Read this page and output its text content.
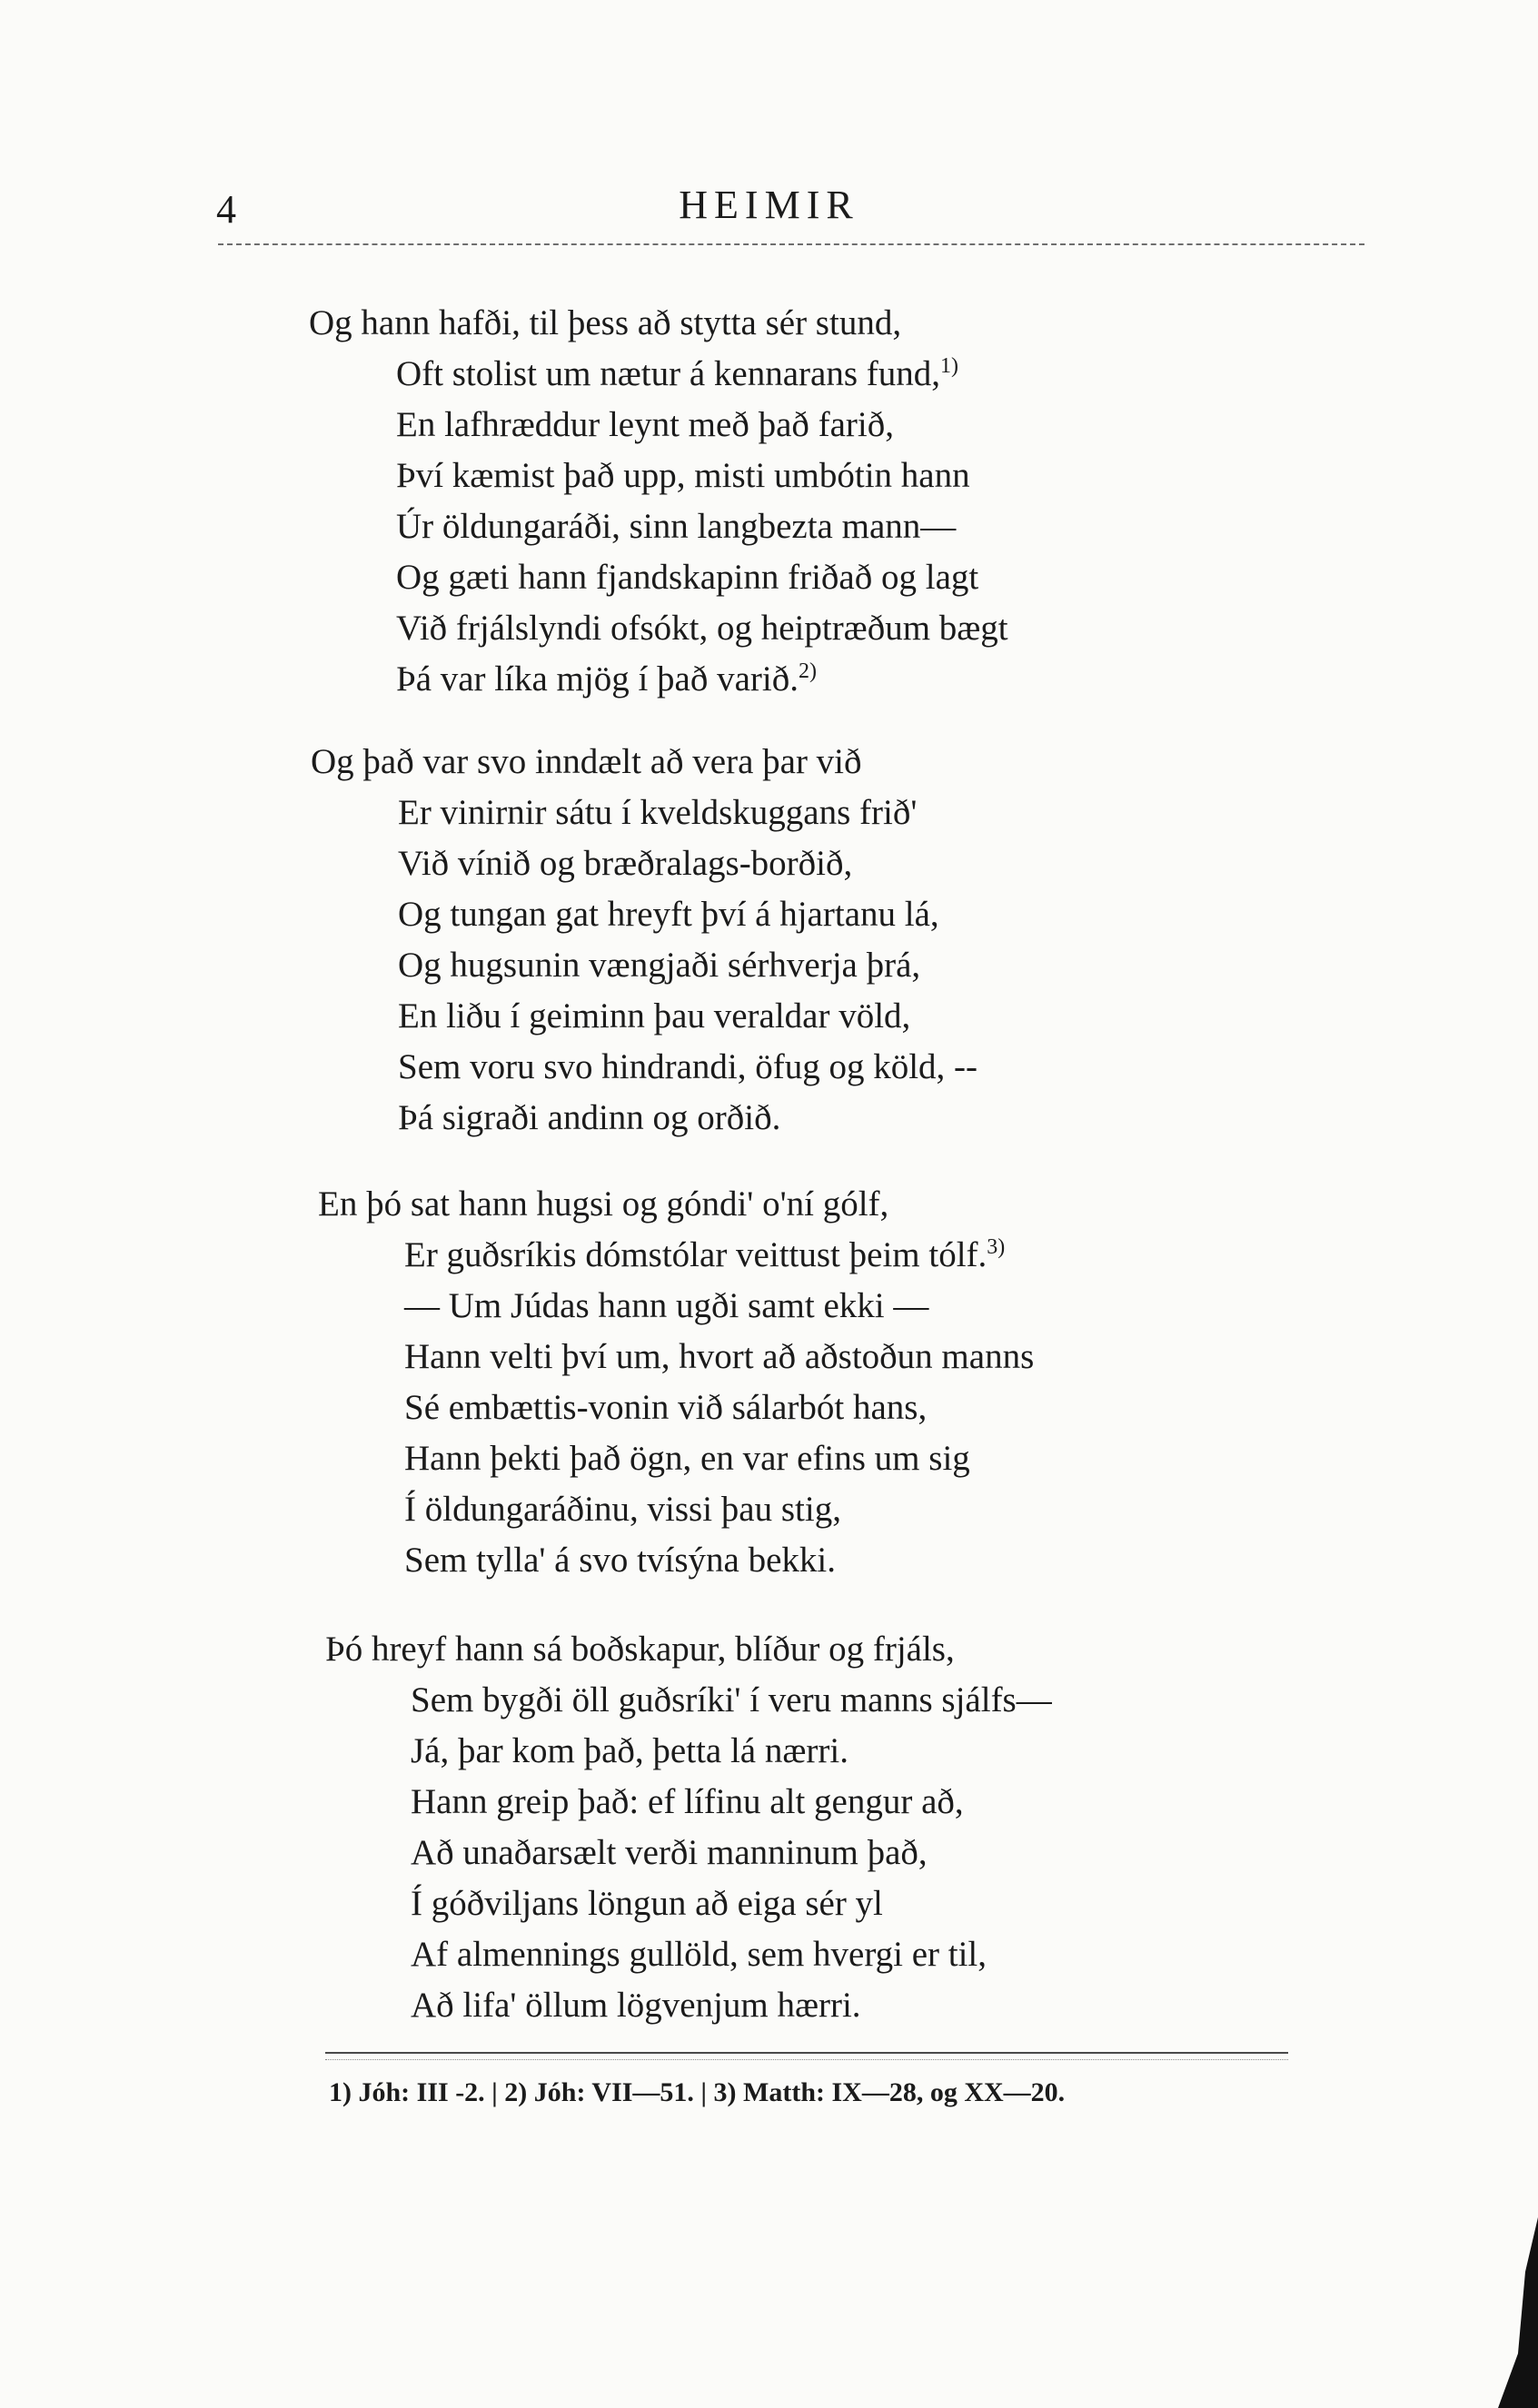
4	HEIMIR
Og hann hafði, til þess að stytta sér stund,
Oft stolist um nætur á kennarans fund,$^{1)}$
En lafhræddur leynt með það farið,
Því kæmist það upp, misti umbótin hann
Úr öldungaráði, sinn langbezta mann—
Og gæti hann fjandskapinn friðað og lagt
Við frjálslyndi ofsókt, og heiptræðum bægt
Þá var líka mjög í það varið.$^{2)}$
Og það var svo inndælt að vera þar við
Er vinirnir sátu í kveldskuggans frið'
Við vínið og bræðralags-borðið,
Og tungan gat hreyft því á hjartanu lá,
Og hugsunin vængjaði sérhverja þrá,
En liðu í geiminn þau veraldar völd,
Sem voru svo hindrandi, öfug og köld, --
Þá sigraði andinn og orðið.
En þó sat hann hugsi og góndi' o'ní gólf,
Er guðsríkis dómstólar veittust þeim tólf.$^{3)}$
— Um Júdas hann ugði samt ekki —
Hann velti því um, hvort að aðstoðun manns
Sé embættis-vonin við sálarbót hans,
Hann þekti það ögn, en var efins um sig
Í öldungaráðinu, vissi þau stig,
Sem tylla' á svo tvísýna bekki.
Þó hreyf hann sá boðskapur, blíður og frjáls,
Sem bygði öll guðsríki' í veru manns sjálfs—
Já, þar kom það, þetta lá nærri.
Hann greip það: ef lífinu alt gengur að,
Að unaðarsælt verði manninum það,
Í góðviljans löngun að eiga sér yl
Af almennings gullöld, sem hvergi er til,
Að lifa' öllum lögvenjum hærri.
1) Jóh: III -2. | 2) Jóh: VII—51. | 3) Matth: IX—28, og XX—20.
